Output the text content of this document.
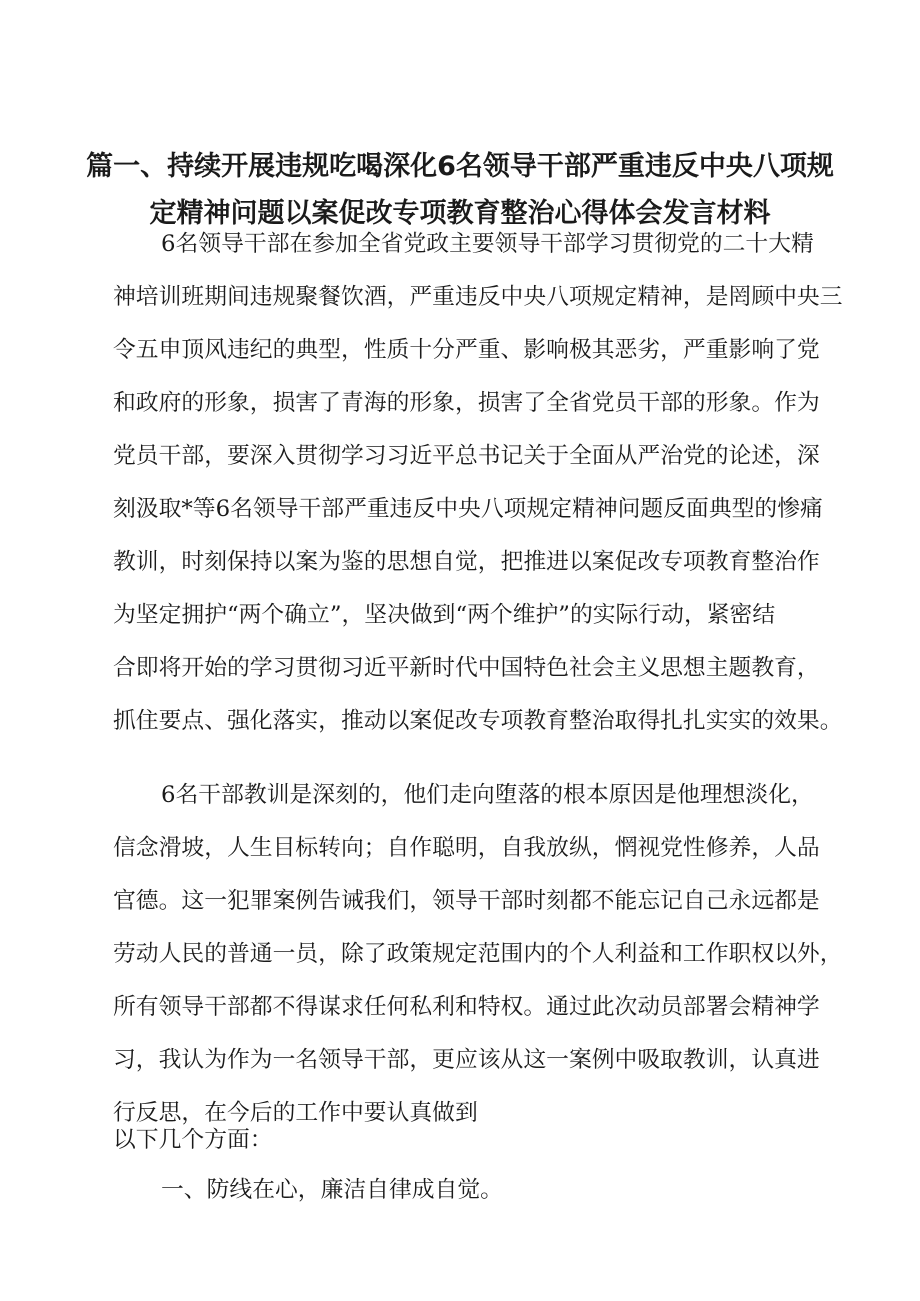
篇一、持续开展违规吃喝深化6名领导干部严重违反中央八项规
定精神问题以案促改专项教育整治心得体会发言材料
6名领导干部在参加全省党政主要领导干部学习贯彻党的二十大精
神培训班期间违规聚餐饮酒，严重违反中央八项规定精神，是罔顾中央三
令五申顶风违纪的典型，性质十分严重、影响极其恶劣，严重影响了党
和政府的形象，损害了青海的形象，损害了全省党员干部的形象。作为
党员干部，要深入贯彻学习习近平总书记关于全面从严治党的论述，深
刻汲取*等6名领导干部严重违反中央八项规定精神问题反面典型的惨痛
教训，时刻保持以案为鉴的思想自觉，把推进以案促改专项教育整治作
为坚定拥护“两个确立”，坚决做到“两个维护”的实际行动，紧密结
合即将开始的学习贯彻习近平新时代中国特色社会主义思想主题教育，
抓住要点、强化落实，推动以案促改专项教育整治取得扎扎实实的效果。
6名干部教训是深刻的，他们走向堕落的根本原因是他理想淡化，
信念滑坡，人生目标转向；自作聪明，自我放纵，惘视党性修养，人品
官德。这一犯罪案例告诫我们，领导干部时刻都不能忘记自己永远都是
劳动人民的普通一员，除了政策规定范围内的个人利益和工作职权以外，
所有领导干部都不得谋求任何私利和特权。通过此次动员部署会精神学
习，我认为作为一名领导干部，更应该从这一案例中吸取教训，认真进
行反思，在今后的工作中要认真做到
以下几个方面：
一、防线在心，廉洁自律成自觉。
